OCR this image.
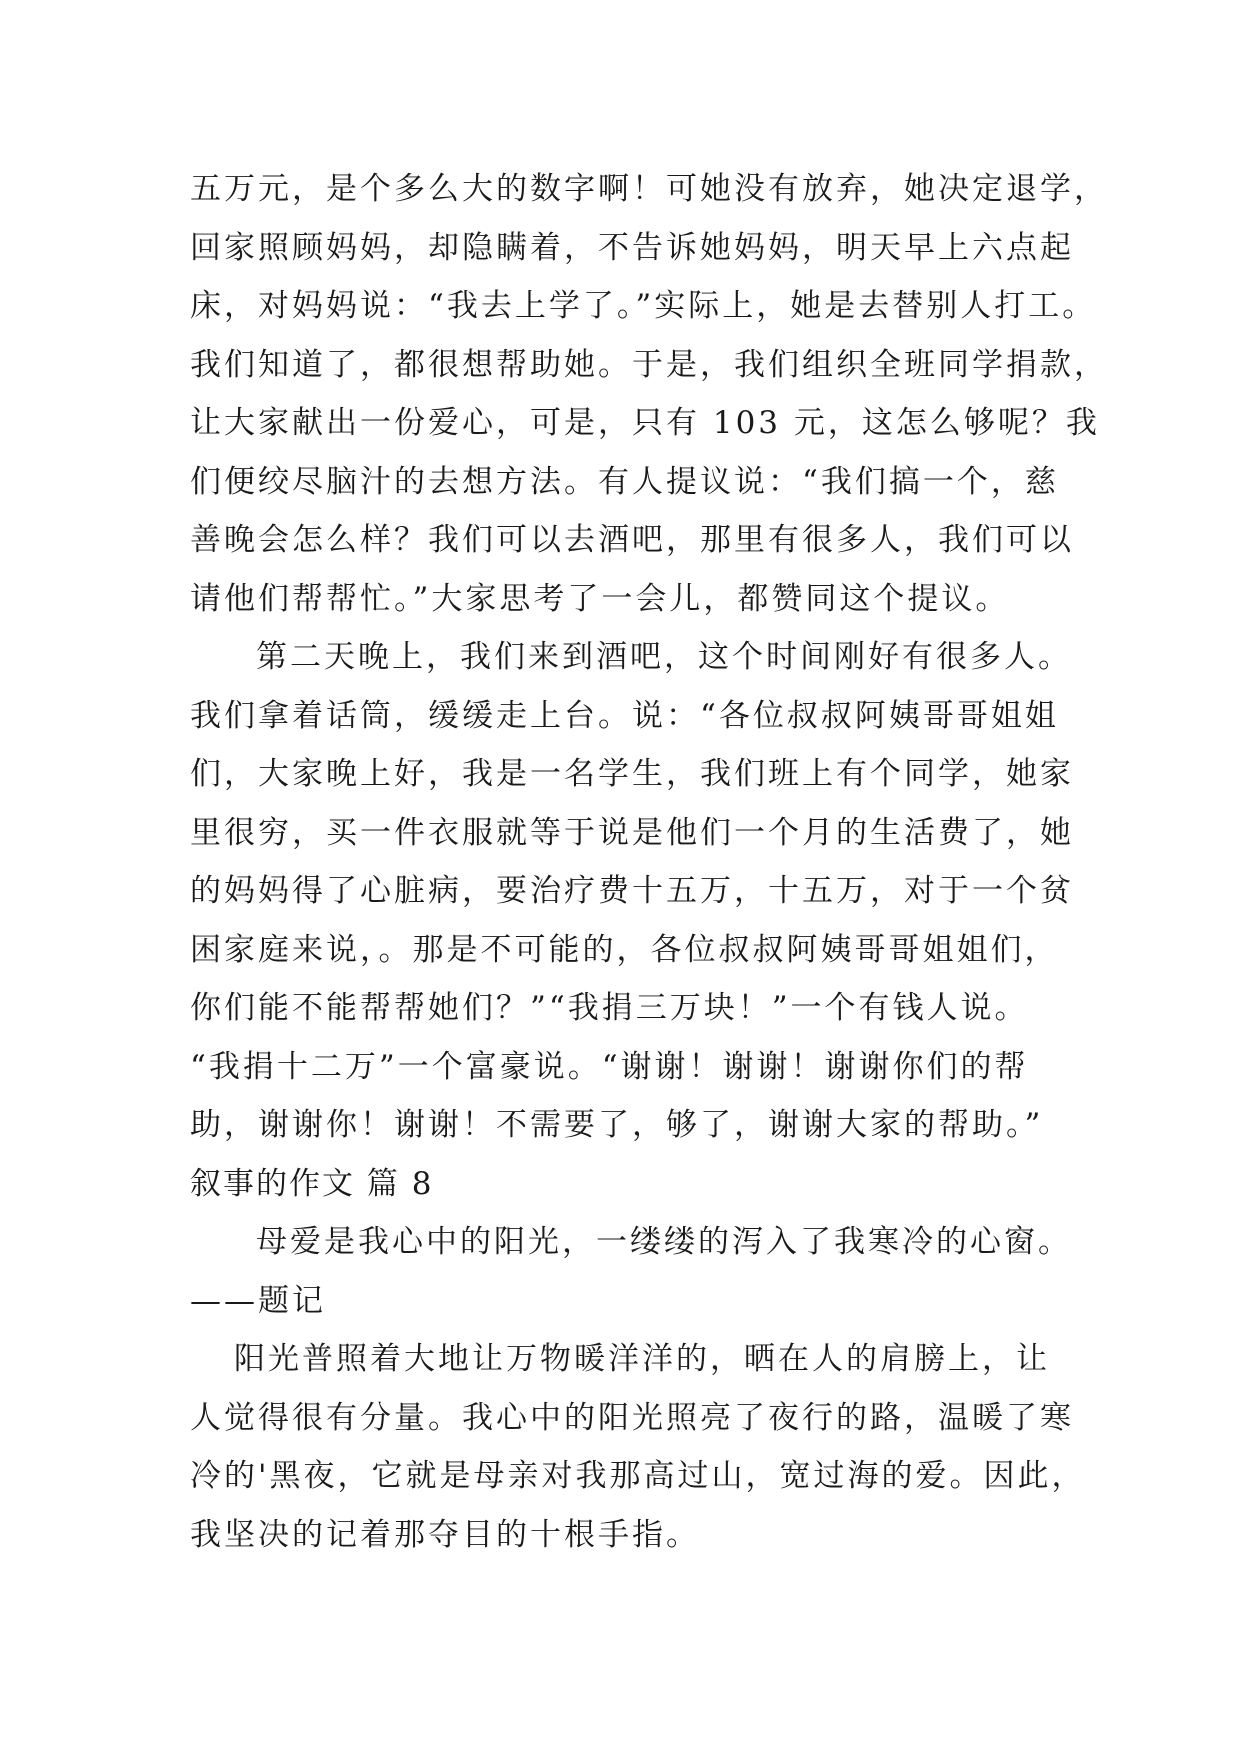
五万元，是个多么大的数字啊！可她没有放弃，她决定退学，
回家照顾妈妈，却隐瞒着，不告诉她妈妈，明天早上六点起
床，对妈妈说：“我去上学了。”实际上，她是去替别人打工。
我们知道了，都很想帮助她。于是，我们组织全班同学捐款，
让大家献出一份爱心，可是，只有 103 元，这怎么够呢？我
们便绞尽脑汁的去想方法。有人提议说：“我们搞一个，慈
善晚会怎么样？我们可以去酒吧，那里有很多人，我们可以
请他们帮帮忙。”大家思考了一会儿，都赞同这个提议。
第二天晚上，我们来到酒吧，这个时间刚好有很多人。
我们拿着话筒，缓缓走上台。说：“各位叔叔阿姨哥哥姐姐
们，大家晚上好，我是一名学生，我们班上有个同学，她家
里很穷，买一件衣服就等于说是他们一个月的生活费了，她
的妈妈得了心脏病，要治疗费十五万，十五万，对于一个贫
困家庭来说，。那是不可能的，各位叔叔阿姨哥哥姐姐们，
你们能不能帮帮她们？”“我捐三万块！”一个有钱人说。
“我捐十二万”一个富豪说。“谢谢！谢谢！谢谢你们的帮
助，谢谢你！谢谢！不需要了，够了，谢谢大家的帮助。”
叙事的作文 篇 8
母爱是我心中的阳光，一缕缕的泻入了我寒冷的心窗。
——题记
阳光普照着大地让万物暖洋洋的，晒在人的肩膀上，让
人觉得很有分量。我心中的阳光照亮了夜行的路，温暖了寒
冷的'黑夜，它就是母亲对我那高过山，宽过海的爱。因此，
我坚决的记着那夺目的十根手指。
